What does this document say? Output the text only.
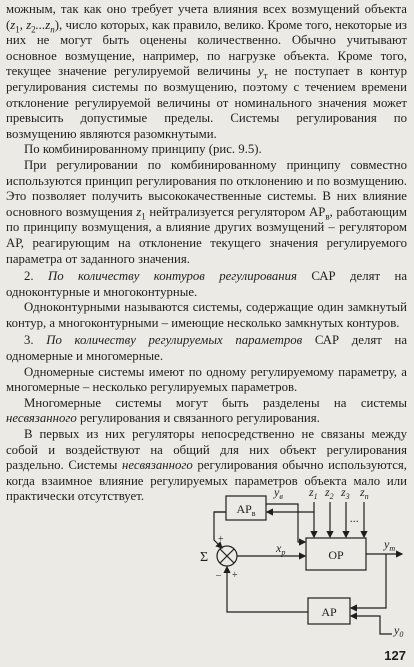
можным, так как оно требует учета влияния всех возмущений объекта ($z_1$, $z_2...z_n$), число которых, как правило, велико. Кроме того, некоторые из них не могут быть оценены количественно. Обычно учитывают основное возмущение, например, по нагрузке объекта. Кроме того, текущее значение регулируемой величины $y_т$ не поступает в контур регулирования системы по возмущению, поэтому с течением времени отклонение регулируемой величины от номинального значения может превысить допустимые пределы. Системы регулирования по возмущению являются разомкнутыми.

По комбинированному принципу (рис. 9.5).

При регулировании по комбинированному принципу совместно используются принцип регулирования по отклонению и по возмущению. Это позволяет получить высококачественные системы. В них влияние основного возмущения $z_1$ нейтрализуется регулятором $АР_в$, работающим по принципу возмущения, а влияние других возмущений – регулятором АР, реагирующим на отклонение текущего значения регулируемого параметра от заданного значения.

2. По количеству контуров регулирования САР делят на одноконтурные и многоконтурные.

Одноконтурными называются системы, содержащие один замкнутый контур, а многоконтурными – имеющие несколько замкнутых контуров.

3. По количеству регулируемых параметров САР делят на одномерные и многомерные.

Одномерные системы имеют по одному регулируемому параметру, а многомерные – несколько регулируемых параметров.

Многомерные системы могут быть разделены на системы несвязанного регулирования и связанного регулирования.

В первых из них регуляторы непосредственно не связаны между собой и воздействуют на общий для них объект регулирования раздельно. Системы несвязанного регулирования обычно используются, когда взаимное влияние регулируемых параметров объекта мало или практически отсутствует.

$АР_в$
ОР
АР
$y_в$ $z_1$ $z_2$ $z_3$
...
$z_n$
$x_p$
$y_т$
$y_0$
Σ
+
+
–
127
